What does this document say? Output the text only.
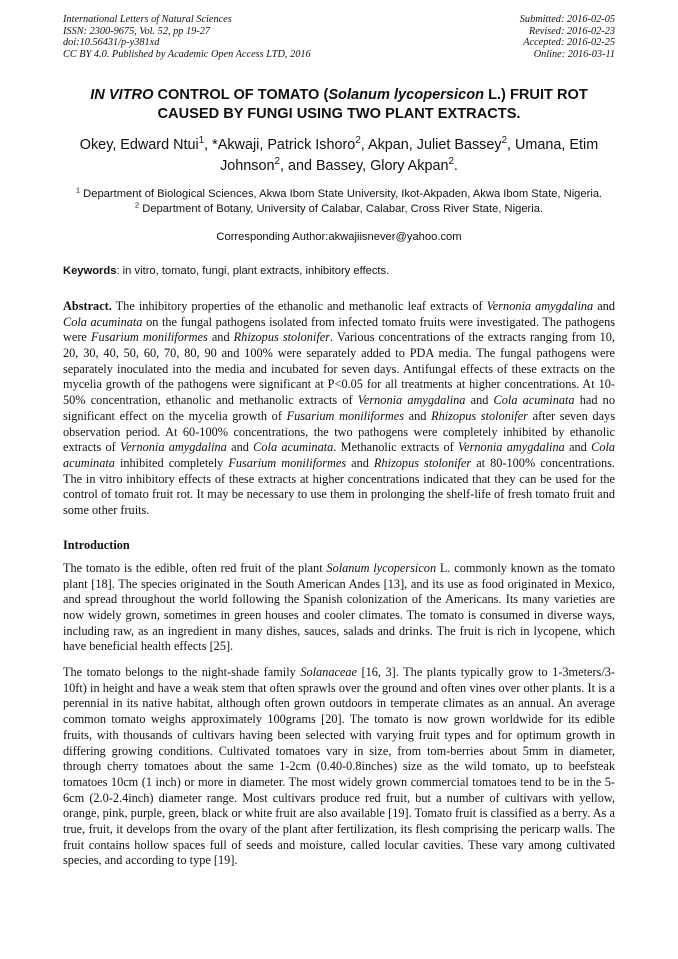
International Letters of Natural Sciences
ISSN: 2300-9675, Vol. 52, pp 19-27
doi:10.56431/p-y381xd
CC BY 4.0. Published by Academic Open Access LTD, 2016
Submitted: 2016-02-05
Revised: 2016-02-23
Accepted: 2016-02-25
Online: 2016-03-11
IN VITRO CONTROL OF TOMATO (Solanum lycopersicon L.) FRUIT ROT CAUSED BY FUNGI USING TWO PLANT EXTRACTS.
Okey, Edward Ntui$^1$, *Akwaji, Patrick Ishoro$^2$, Akpan, Juliet Bassey$^2$, Umana, Etim Johnson$^2$, and Bassey, Glory Akpan$^2$.
$^1$ Department of Biological Sciences, Akwa Ibom State University, Ikot-Akpaden, Akwa Ibom State, Nigeria.
$^2$ Department of Botany, University of Calabar, Calabar, Cross River State, Nigeria.
Corresponding Author:akwajiisnever@yahoo.com
Keywords: in vitro, tomato, fungi, plant extracts, inhibitory effects.
Abstract. The inhibitory properties of the ethanolic and methanolic leaf extracts of Vernonia amygdalina and Cola acuminata on the fungal pathogens isolated from infected tomato fruits were investigated. The pathogens were Fusarium moniliformes and Rhizopus stolonifer. Various concentrations of the extracts ranging from 10, 20, 30, 40, 50, 60, 70, 80, 90 and 100% were separately added to PDA media. The fungal pathogens were separately inoculated into the media and incubated for seven days. Antifungal effects of these extracts on the mycelia growth of the pathogens were significant at P<0.05 for all treatments at higher concentrations. At 10-50% concentration, ethanolic and methanolic extracts of Vernonia amygdalina and Cola acuminata had no significant effect on the mycelia growth of Fusarium moniliformes and Rhizopus stolonifer after seven days observation period. At 60-100% concentrations, the two pathogens were completely inhibited by ethanolic extracts of Vernonia amygdalina and Cola acuminata. Methanolic extracts of Vernonia amygdalina and Cola acuminata inhibited completely Fusarium moniliformes and Rhizopus stolonifer at 80-100% concentrations. The in vitro inhibitory effects of these extracts at higher concentrations indicated that they can be used for the control of tomato fruit rot. It may be necessary to use them in prolonging the shelf-life of fresh tomato fruit and some other fruits.
Introduction
The tomato is the edible, often red fruit of the plant Solanum lycopersicon L. commonly known as the tomato plant [18]. The species originated in the South American Andes [13], and its use as food originated in Mexico, and spread throughout the world following the Spanish colonization of the Americans. Its many varieties are now widely grown, sometimes in green houses and cooler climates. The tomato is consumed in diverse ways, including raw, as an ingredient in many dishes, sauces, salads and drinks. The fruit is rich in lycopene, which have beneficial health effects [25].
The tomato belongs to the night-shade family Solanaceae [16, 3]. The plants typically grow to 1-3meters/3-10ft) in height and have a weak stem that often sprawls over the ground and often vines over other plants. It is a perennial in its native habitat, although often grown outdoors in temperate climates as an annual. An average common tomato weighs approximately 100grams [20]. The tomato is now grown worldwide for its edible fruits, with thousands of cultivars having been selected with varying fruit types and for optimum growth in differing growing conditions. Cultivated tomatoes vary in size, from tom-berries about 5mm in diameter, through cherry tomatoes about the same 1-2cm (0.40-0.8inches) size as the wild tomato, up to beefsteak tomatoes 10cm (1 inch) or more in diameter. The most widely grown commercial tomatoes tend to be in the 5-6cm (2.0-2.4inch) diameter range. Most cultivars produce red fruit, but a number of cultivars with yellow, orange, pink, purple, green, black or white fruit are also available [19]. Tomato fruit is classified as a berry. As a true, fruit, it develops from the ovary of the plant after fertilization, its flesh comprising the pericarp walls. The fruit contains hollow spaces full of seeds and moisture, called locular cavities. These vary among cultivated species, and according to type [19].
